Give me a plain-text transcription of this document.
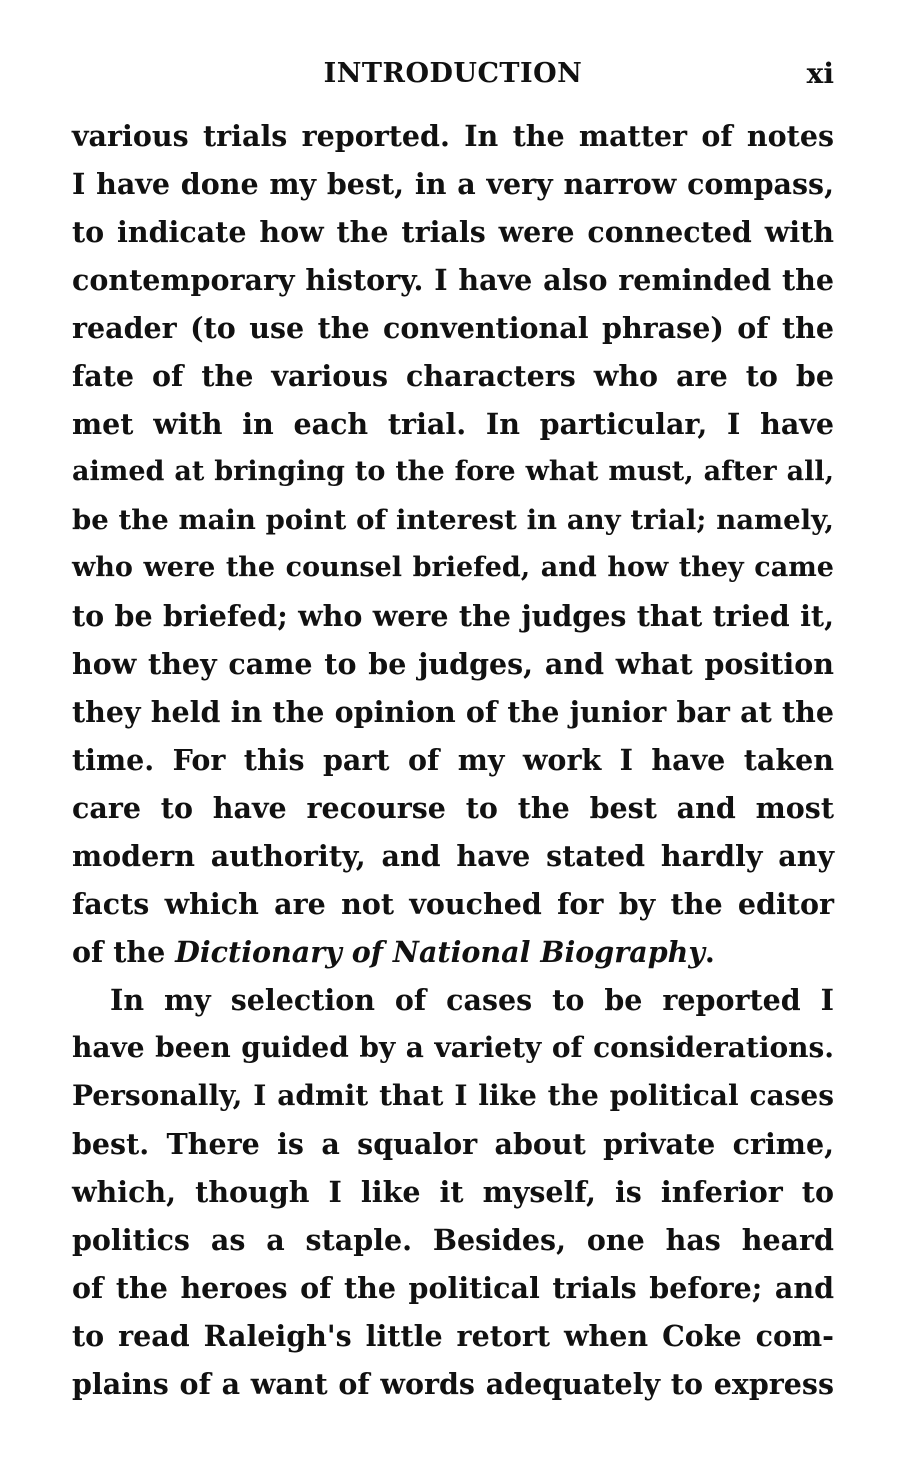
INTRODUCTION	xi
various trials reported. In the matter of notes
I have done my best, in a very narrow compass,
to indicate how the trials were connected with
contemporary history. I have also reminded the
reader (to use the conventional phrase) of the
fate of the various characters who are to be
met with in each trial. In particular, I have
aimed at bringing to the fore what must, after all,
be the main point of interest in any trial; namely,
who were the counsel briefed, and how they came
to be briefed; who were the judges that tried it,
how they came to be judges, and what position
they held in the opinion of the junior bar at the
time. For this part of my work I have taken
care to have recourse to the best and most
modern authority, and have stated hardly any
facts which are not vouched for by the editor
of the Dictionary of National Biography.
In my selection of cases to be reported I
have been guided by a variety of considerations.
Personally, I admit that I like the political cases
best. There is a squalor about private crime,
which, though I like it myself, is inferior to
politics as a staple. Besides, one has heard
of the heroes of the political trials before; and
to read Raleigh's little retort when Coke com-
plains of a want of words adequately to express
